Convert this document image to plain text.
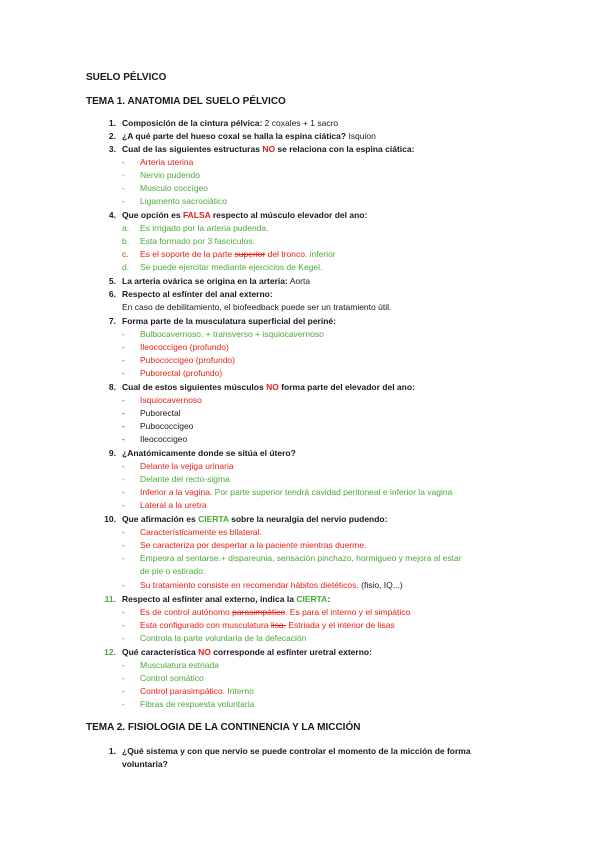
SUELO PÉLVICO
TEMA 1. ANATOMIA DEL SUELO PÉLVICO
1. Composición de la cintura pélvica: 2 coxales + 1 sacro
2. ¿A qué parte del hueso coxal se halla la espina ciática? Isquion
3. Cual de las siguientes estructuras NO se relaciona con la espina ciática:
-	Arteria uterina
-	Nervio pudendo
-	Musculo coccígeo
-	Ligamento sacrociático
4. Que opción es FALSA respecto al músculo elevador del ano:
a.	Es irrigado por la arteria pudenda.
b.	Esta formado por 3 fascículos.
c.	Es el soporte de la parte superior del tronco. inferior
d.	Se puede ejercitar mediante ejercicios de Kegel.
5. La arteria ovárica se origina en la arteria: Aorta
6. Respecto al esfínter del anal externo:
En caso de debilitamiento, el biofeedback puede ser un tratamiento útil.
7. Forma parte de la musculatura superficial del periné:
-	Bulbocavernoso. + transverso + isquiocavernoso
-	Ileococcigeo (profundo)
-	Pubococcigeo (profundo)
-	Puborectal (profundo)
8. Cual de estos siguientes músculos NO forma parte del elevador del ano:
-	Isquiocavernoso
-	Puborectal
-	Pubococcigeo
-	Ileococcigeo
9. ¿Anatómicamente donde se sitúa el útero?
-	Delante la vejiga urinaria
-	Delante del recto-sigma
-	Inferior a la vagina. Por parte superior tendrá cavidad peritoneal e inferior la vagina
-	Lateral a la uretra
10. Que afirmación es CIERTA sobre la neuralgia del nervio pudendo:
-	Característicamente es bilateral.
-	Se caracteriza por despertar a la paciente mientras duerme.
-	Empeora al sentarse.+ dispareunia, sensación pinchazo, hormigueo y mejora al estar
de pie o estirado.
-	Su tratamiento consiste en recomendar hábitos dietéticos. (fisio, IQ...)
11. Respecto al esfínter anal externo, indica la CIERTA:
-	Es de control autónomo parasimpático. Es para el interno y el simpático
-	Esta configurado con musculatura lisa. Estriada y el interior de lisas
-	Controla la parte voluntaria de la defecación
12. Qué característica NO corresponde al esfínter uretral externo:
-	Musculatura estriada
-	Control somático
-	Control parasimpático. Interno
-	Fibras de respuesta voluntaria
TEMA 2. FISIOLOGIA DE LA CONTINENCIA Y LA MICCIÓN
1. ¿Qué sistema y con que nervio se puede controlar el momento de la micción de forma
voluntaria?
